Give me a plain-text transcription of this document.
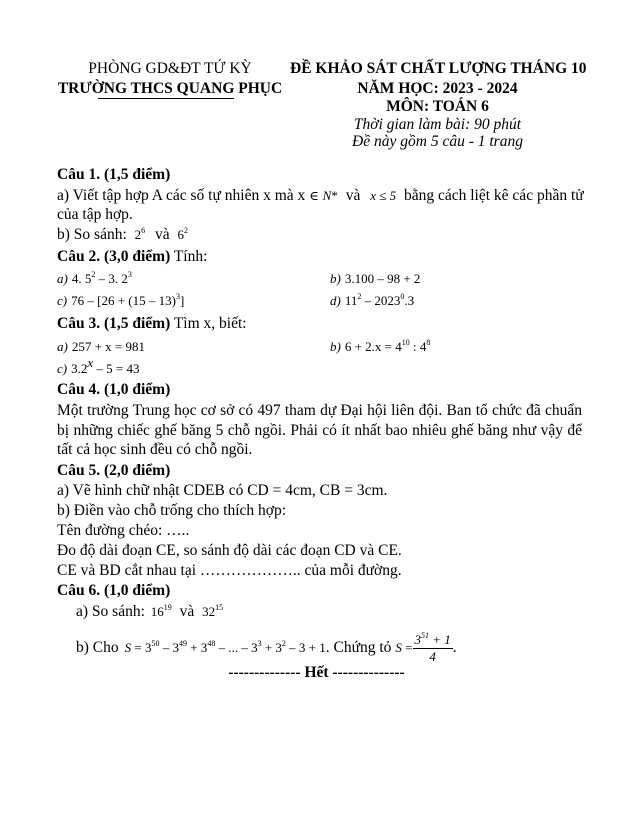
PHÒNG GD&ĐT TỨ KỲ
TRƯỜNG THCS QUANG PHỤC
ĐỀ KHẢO SÁT CHẤT LƯỢNG THÁNG 10
NĂM HỌC: 2023 - 2024
MÔN: TOÁN 6
Thời gian làm bài: 90 phút
Đề này gồm 5 câu - 1 trang
Câu 1. (1,5 điểm)
a) Viết tập hợp A các số tự nhiên x mà x ∈ N* và x ≤ 5 bằng cách liệt kê các phần tử
của tập hợp.
b) So sánh: $2^6$ và $6^2$
Câu 2. (3,0 điểm) Tính:
a) 4. $5^2 - 3$. $2^3$	b) 3.100 – 98 + 2
c) 76 – [26 + (15 – 13)$^3$]	d) $11^2 - 2023^0.3$
Câu 3. (1,5 điểm) Tìm x, biết:
a) 257 + x = 981	b) $6 + 2.x = 4^{10}$ : $4^8$
c) 3.2$^x$ – 5 = 43
Câu 4. (1,0 điểm)
Một trường Trung học cơ sở có 497 tham dự Đại hội liên đội. Ban tổ chức đã chuẩn bị những chiếc ghế băng 5 chỗ ngồi. Phải có ít nhất bao nhiêu ghế băng như vậy để tất cả học sinh đều có chỗ ngồi.
Câu 5. (2,0 điểm)
a) Vẽ hình chữ nhật CDEB có CD = 4cm, CB = 3cm.
b) Điền vào chỗ trống cho thích hợp:
Tên đường chéo: …..
Đo độ dài đoạn CE, so sánh độ dài các đoạn CD và CE.
CE và BD cắt nhau tại ……………….. của mỗi đường.
Câu 6. (1,0 điểm)
a) So sánh: $16^{19}$ và $32^{15}$
b) Cho $S = 3^{50} - 3^{49} + 3^{48}$ – ... – $3^3 + 3^2 - 3 + 1$ . Chứng tỏ $S = \frac{3^{51} + 1}{4}$ .
-------------- Hết --------------
